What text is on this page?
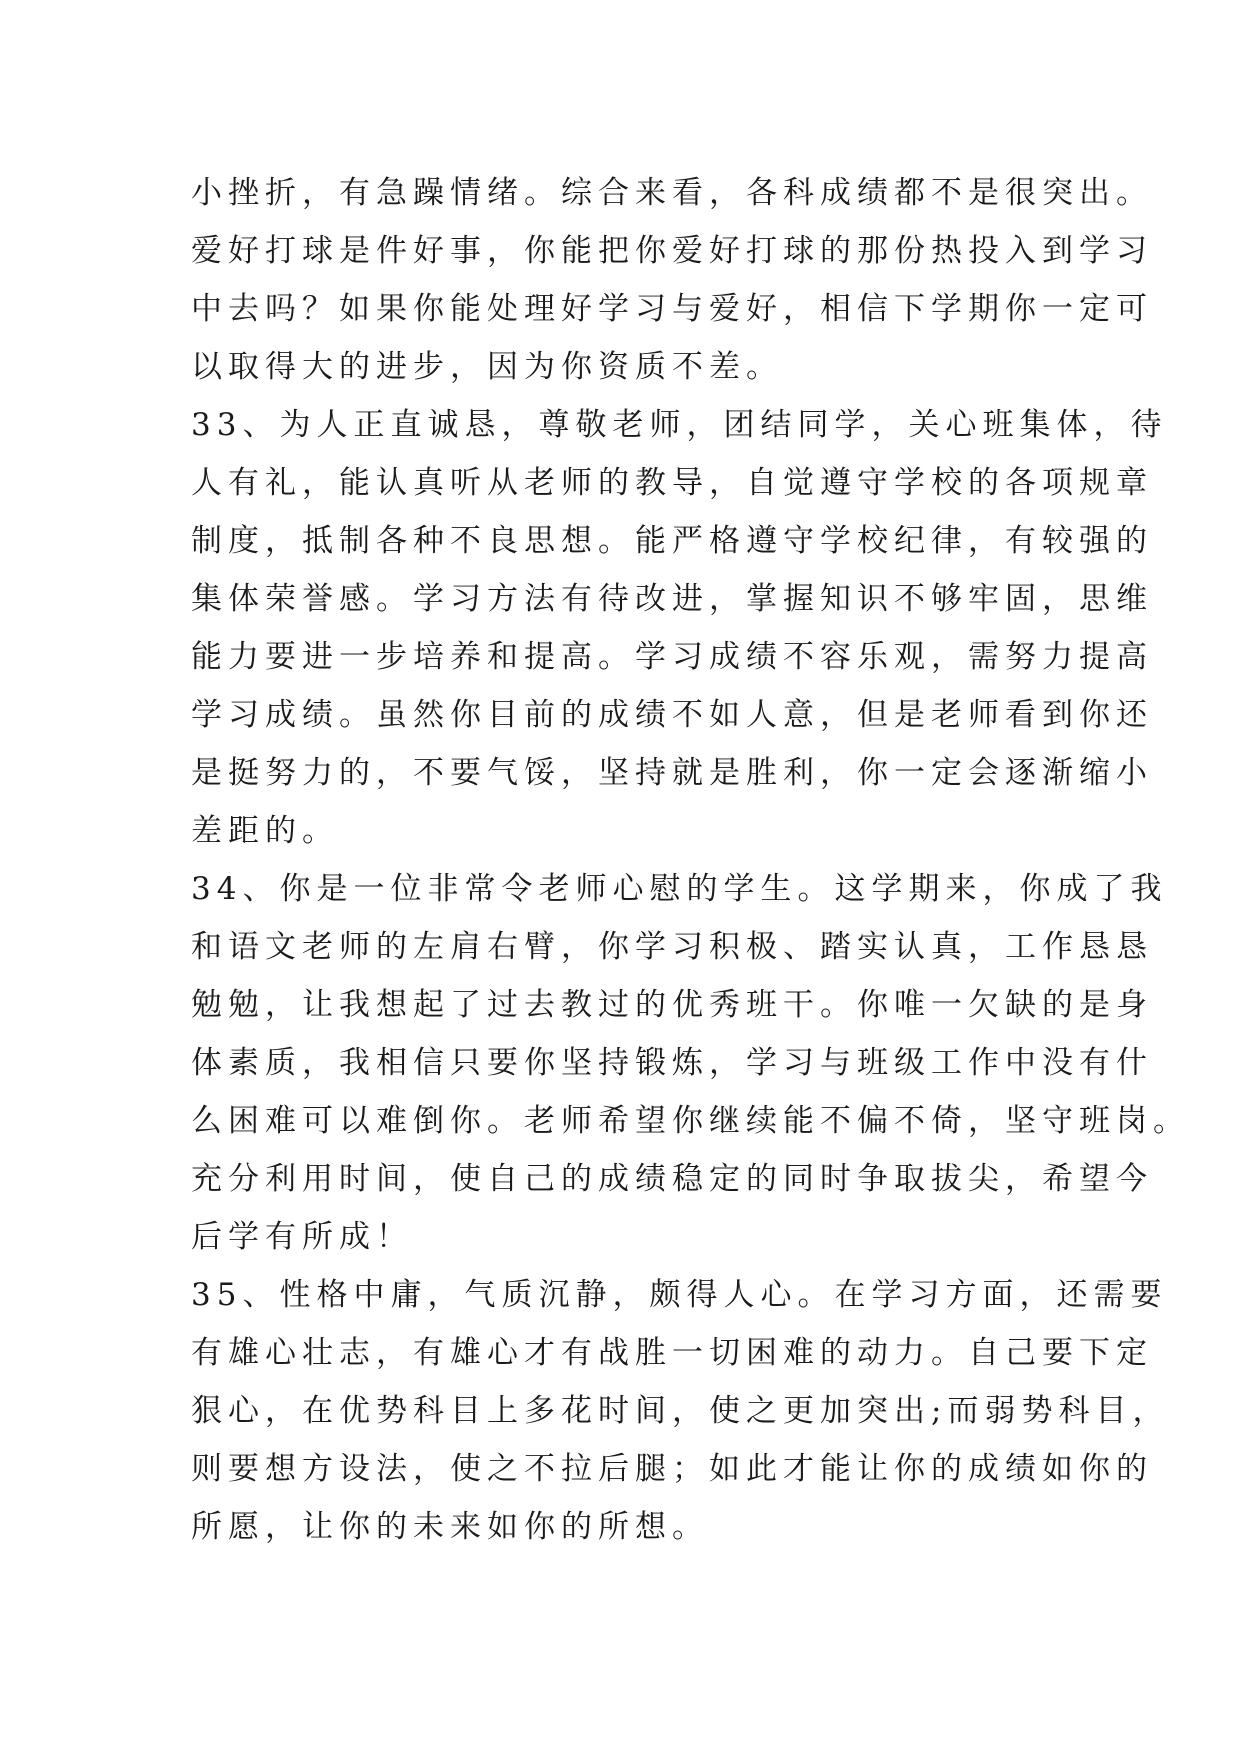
小挫折，有急躁情绪。综合来看，各科成绩都不是很突出。
爱好打球是件好事，你能把你爱好打球的那份热投入到学习
中去吗？如果你能处理好学习与爱好，相信下学期你一定可
以取得大的进步，因为你资质不差。
33、为人正直诚恳，尊敬老师，团结同学，关心班集体，待
人有礼，能认真听从老师的教导，自觉遵守学校的各项规章
制度，抵制各种不良思想。能严格遵守学校纪律，有较强的
集体荣誉感。学习方法有待改进，掌握知识不够牢固，思维
能力要进一步培养和提高。学习成绩不容乐观，需努力提高
学习成绩。虽然你目前的成绩不如人意，但是老师看到你还
是挺努力的，不要气馁，坚持就是胜利，你一定会逐渐缩小
差距的。
34、你是一位非常令老师心慰的学生。这学期来，你成了我
和语文老师的左肩右臂，你学习积极、踏实认真，工作恳恳
勉勉，让我想起了过去教过的优秀班干。你唯一欠缺的是身
体素质，我相信只要你坚持锻炼，学习与班级工作中没有什
么困难可以难倒你。老师希望你继续能不偏不倚，坚守班岗。
充分利用时间，使自己的成绩稳定的同时争取拔尖，希望今
后学有所成！
35、性格中庸，气质沉静，颇得人心。在学习方面，还需要
有雄心壮志，有雄心才有战胜一切困难的动力。自己要下定
狠心，在优势科目上多花时间，使之更加突出;而弱势科目，
则要想方设法，使之不拉后腿；如此才能让你的成绩如你的
所愿，让你的未来如你的所想。
